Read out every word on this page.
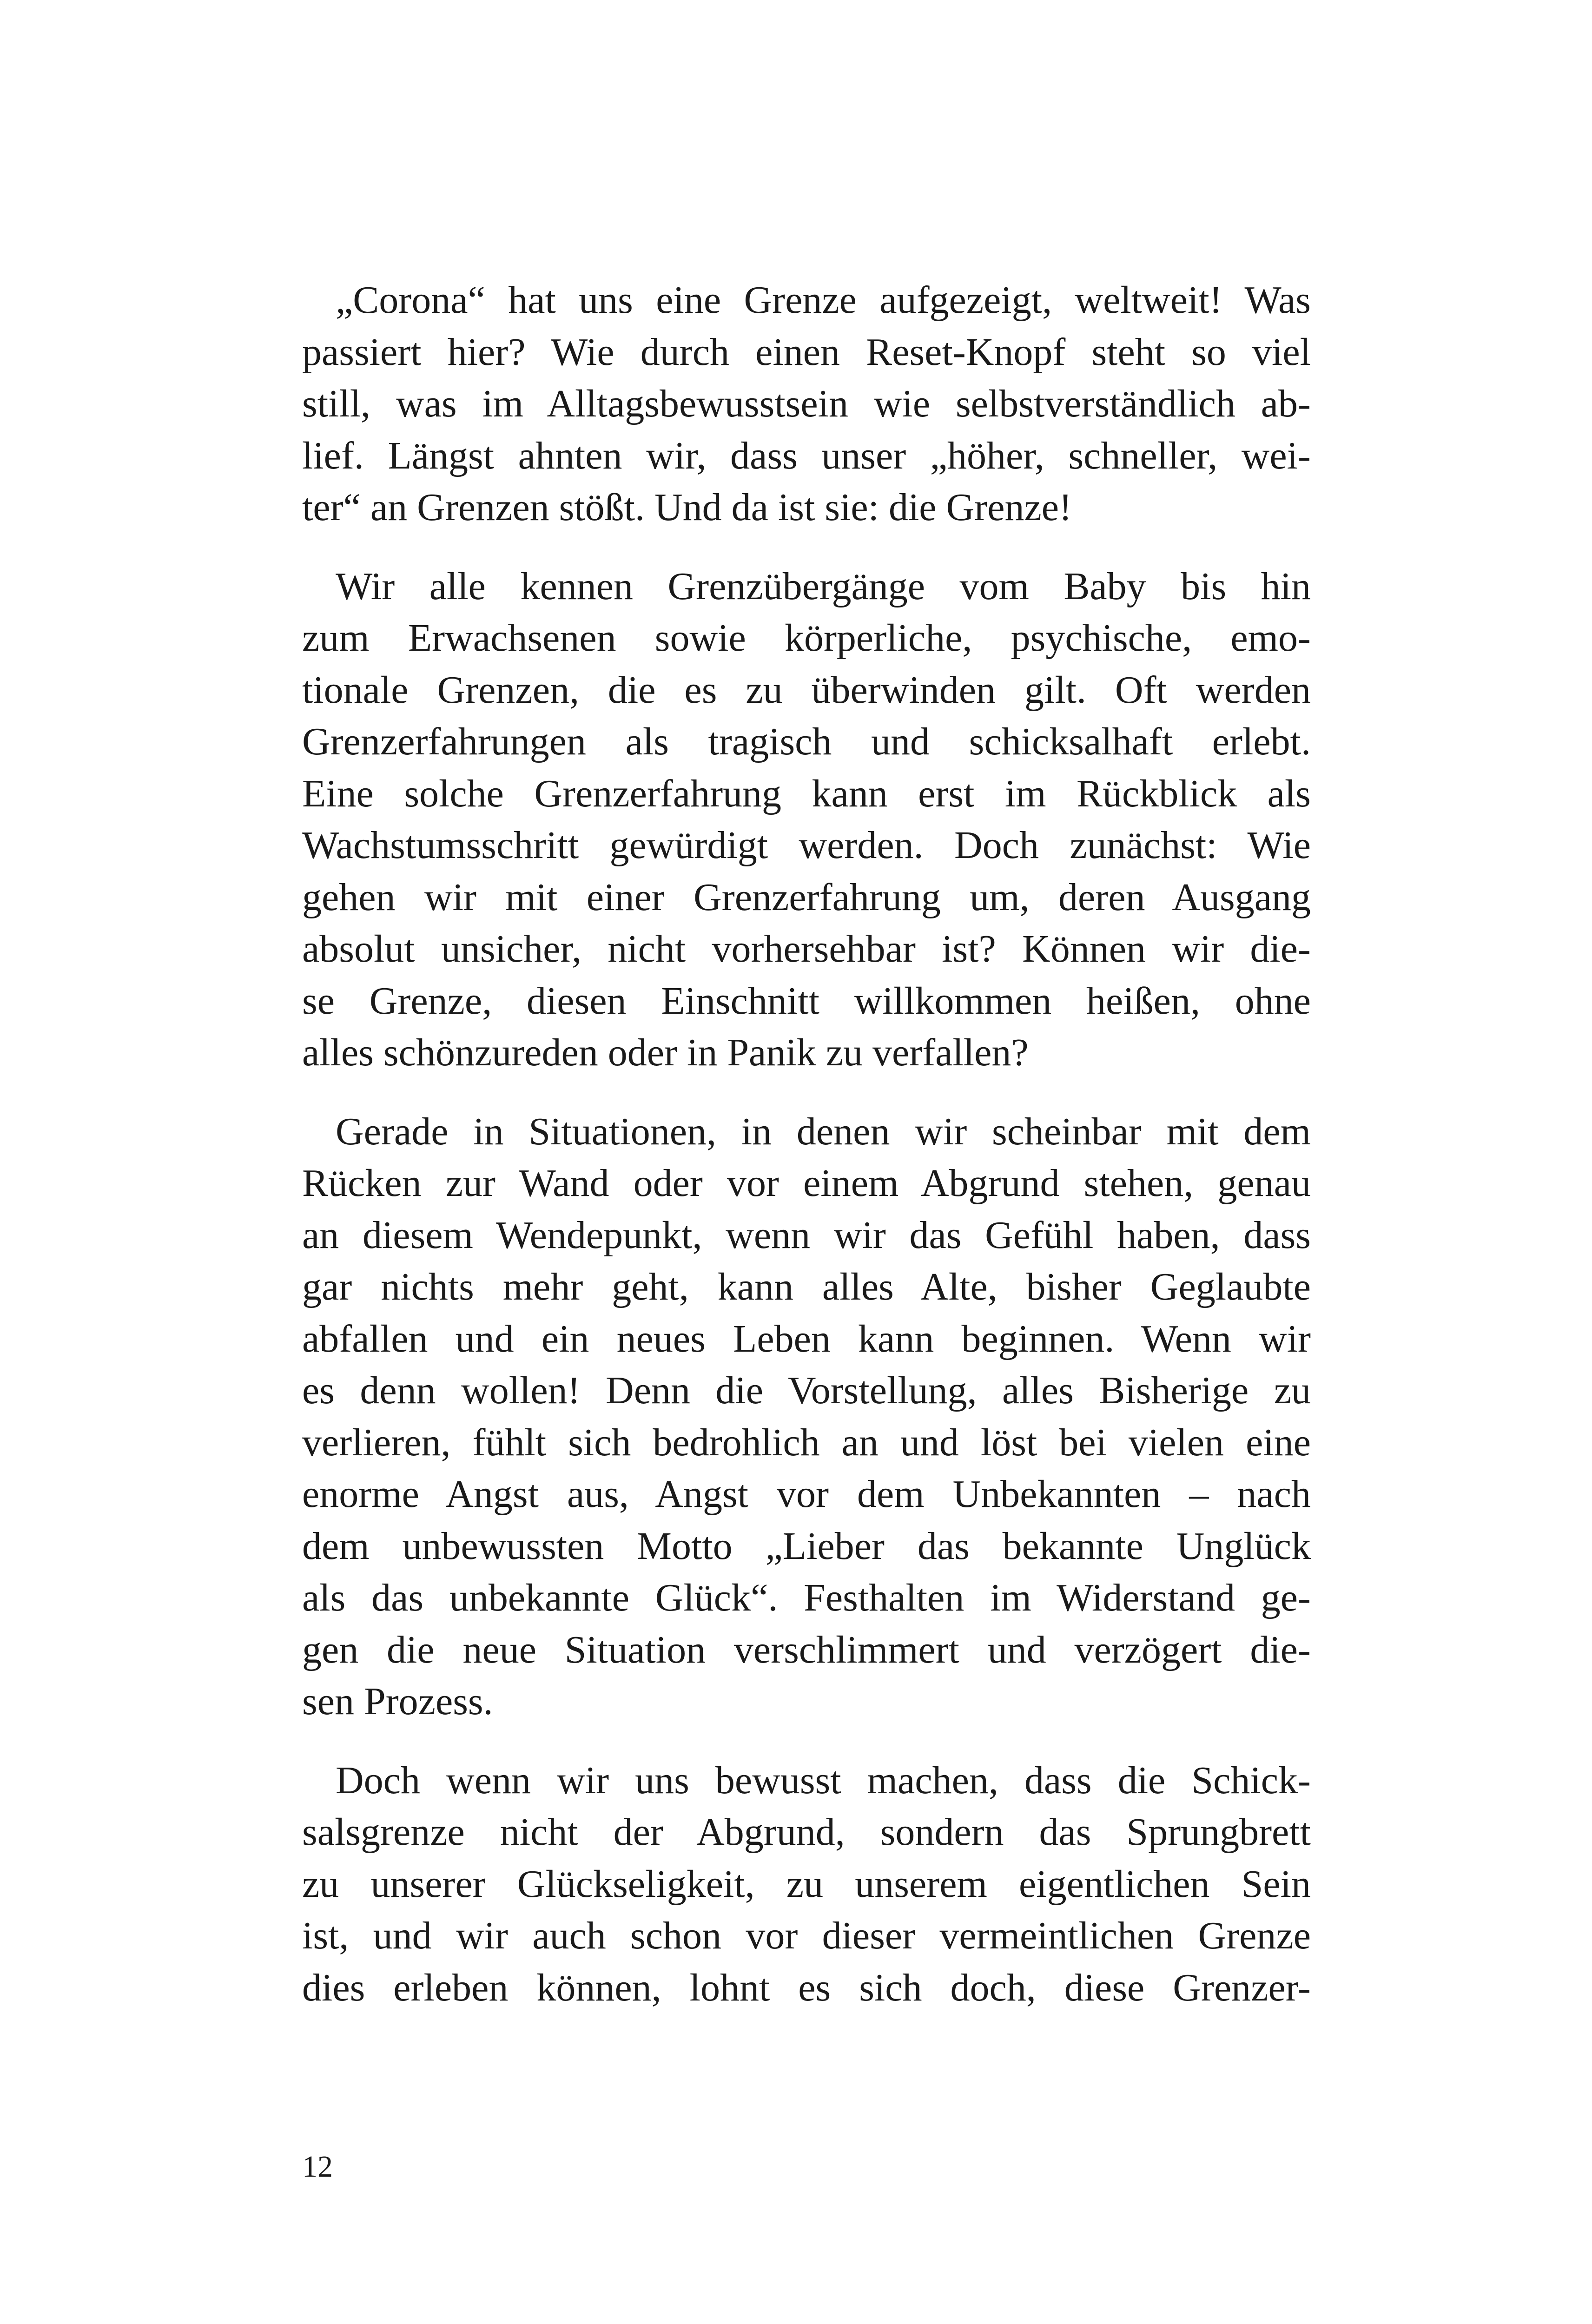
„Corona“ hat uns eine Grenze aufgezeigt, weltweit! Was
passiert hier? Wie durch einen Reset-Knopf steht so viel
still, was im Alltagsbewusstsein wie selbstverständlich ab-
lief. Längst ahnten wir, dass unser „höher, schneller, wei-
ter“ an Grenzen stößt. Und da ist sie: die Grenze!
Wir alle kennen Grenzübergänge vom Baby bis hin
zum Erwachsenen sowie körperliche, psychische, emo-
tionale Grenzen, die es zu überwinden gilt. Oft werden
Grenzerfahrungen als tragisch und schicksalhaft erlebt.
Eine solche Grenzerfahrung kann erst im Rückblick als
Wachstumsschritt gewürdigt werden. Doch zunächst: Wie
gehen wir mit einer Grenzerfahrung um, deren Ausgang
absolut unsicher, nicht vorhersehbar ist? Können wir die-
se Grenze, diesen Einschnitt willkommen heißen, ohne
alles schönzureden oder in Panik zu verfallen?
Gerade in Situationen, in denen wir scheinbar mit dem
Rücken zur Wand oder vor einem Abgrund stehen, genau
an diesem Wendepunkt, wenn wir das Gefühl haben, dass
gar nichts mehr geht, kann alles Alte, bisher Geglaubte
abfallen und ein neues Leben kann beginnen. Wenn wir
es denn wollen! Denn die Vorstellung, alles Bisherige zu
verlieren, fühlt sich bedrohlich an und löst bei vielen eine
enorme Angst aus, Angst vor dem Unbekannten – nach
dem unbewussten Motto „Lieber das bekannte Unglück
als das unbekannte Glück“. Festhalten im Widerstand ge-
gen die neue Situation verschlimmert und verzögert die-
sen Prozess.
Doch wenn wir uns bewusst machen, dass die Schick-
salsgrenze nicht der Abgrund, sondern das Sprungbrett
zu unserer Glückseligkeit, zu unserem eigentlichen Sein
ist, und wir auch schon vor dieser vermeintlichen Grenze
dies erleben können, lohnt es sich doch, diese Grenzer-
12
